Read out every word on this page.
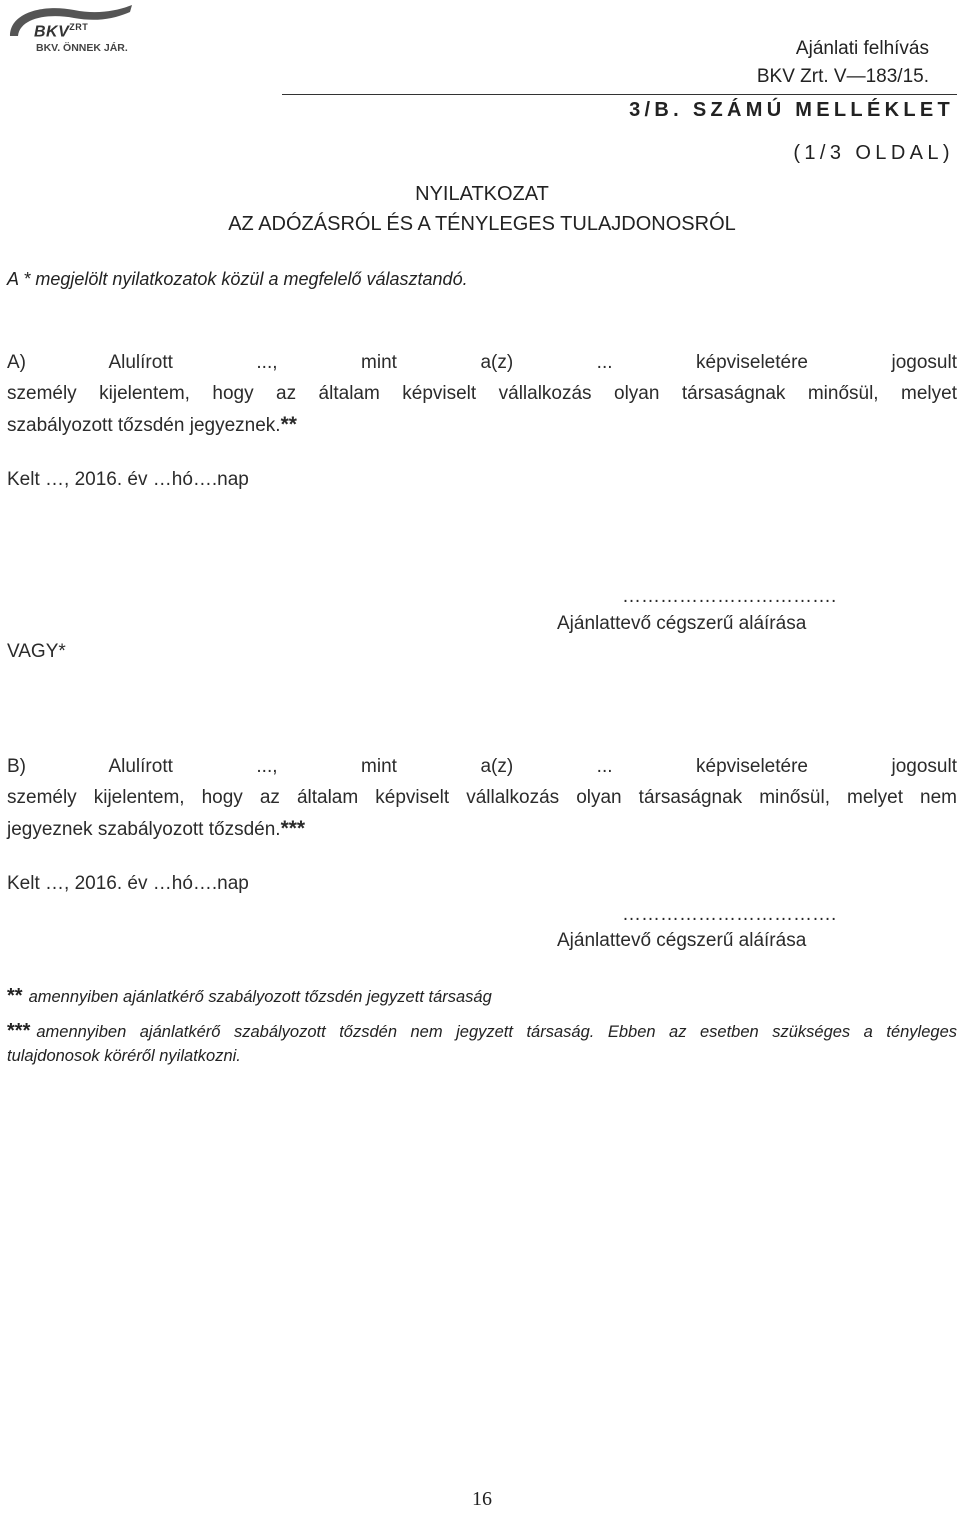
$BKV^{ZRT}$
BKV. ÖNNEK JÁR.	Ajánlati felhívás
BKV Zrt. V—183/15.
3/B. SZÁMÚ MELLÉKLET
(1/3 OLDAL)
NYILATKOZAT
AZ ADÓZÁSRÓL ÉS A TÉNYLEGES TULAJDONOSRÓL
A * megjelölt nyilatkozatok közül a megfelelő választandó.
A) Alulírott ..., mint a(z) ... képviseletére jogosult
személy kijelentem, hogy az általam képviselt vállalkozás olyan társaságnak minősül, melyet
szabályozott tőzsdén jegyeznek.**
Kelt …, 2016. év …hó….nap
…………………………….
Ajánlattevő cégszerű aláírása
VAGY*
B) Alulírott ..., mint a(z) ... képviseletére jogosult
személy kijelentem, hogy az általam képviselt vállalkozás olyan társaságnak minősül, melyet nem
jegyeznek szabályozott tőzsdén.***
Kelt …, 2016. év …hó….nap
…………………………….
Ajánlattevő cégszerű aláírása
** amennyiben ajánlatkérő szabályozott tőzsdén jegyzett társaság
*** amennyiben ajánlatkérő szabályozott tőzsdén nem jegyzett társaság. Ebben az esetben szükséges a tényleges
tulajdonosok köréről nyilatkozni.
16
